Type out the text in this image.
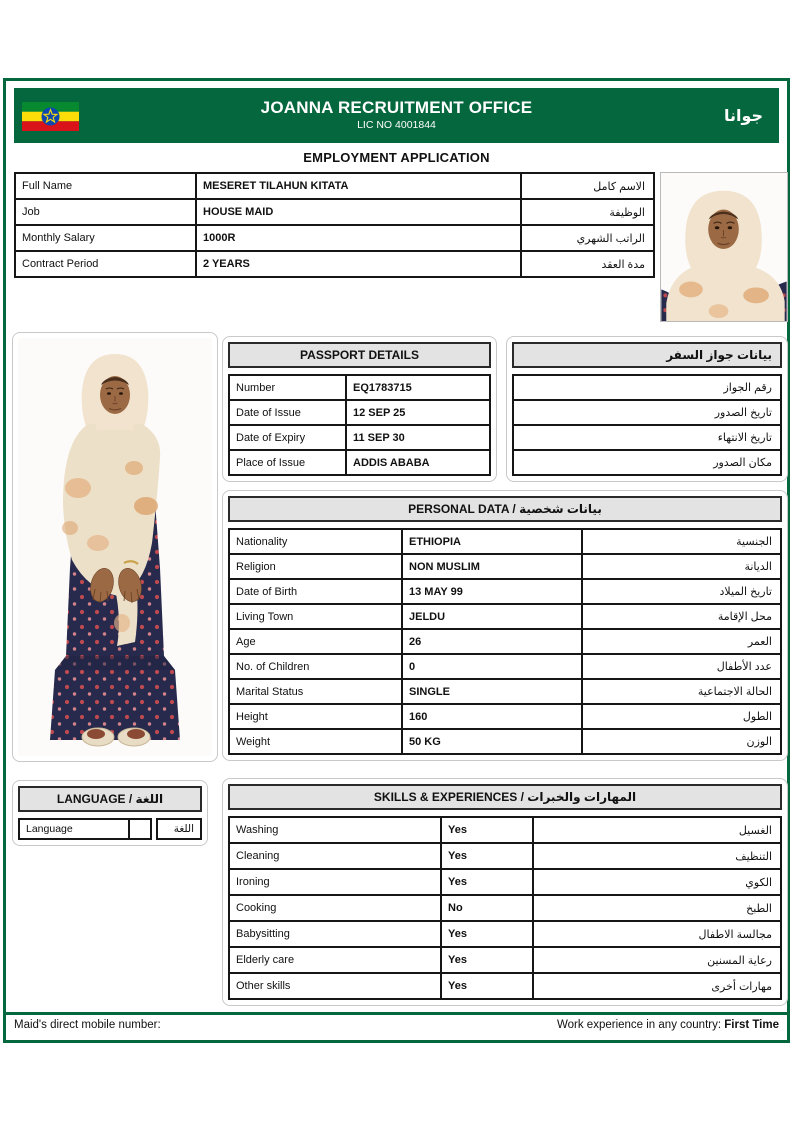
JOANNA RECRUITMENT OFFICE
LIC NO 4001844
جوانا
EMPLOYMENT APPLICATION
Full Name	MESERET TILAHUN KITATA	الاسم كامل
Job	HOUSE MAID	الوظيفة
Monthly Salary	1000R	الراتب الشهري
Contract Period	2 YEARS	مدة العقد
PASSPORT DETAILS
Number	EQ1783715
Date of Issue	12 SEP 25
Date of Expiry	11 SEP 30
Place of Issue	ADDIS ABABA
بيانات جواز السفر
رقم الجواز
تاريخ الصدور
تاريخ الانتهاء
مكان الصدور
PERSONAL DATA / بيانات شخصية
Nationality	ETHIOPIA	الجنسية
Religion	NON MUSLIM	الديانة
Date of Birth	13 MAY 99	تاريخ الميلاد
Living Town	JELDU	محل الإقامة
Age	26	العمر
No. of Children	0	عدد الأطفال
Marital Status	SINGLE	الحالة الاجتماعية
Height	160	الطول
Weight	50 KG	الوزن
LANGUAGE / اللغة
Language		اللغة
SKILLS & EXPERIENCES / المهارات والخبرات
Washing	Yes	الغسيل
Cleaning	Yes	التنظيف
Ironing	Yes	الكوي
Cooking	No	الطبخ
Babysitting	Yes	مجالسة الاطفال
Elderly care	Yes	رعاية المسنين
Other skills	Yes	مهارات أخرى
Maid's direct mobile number:	Work experience in any country: First Time
